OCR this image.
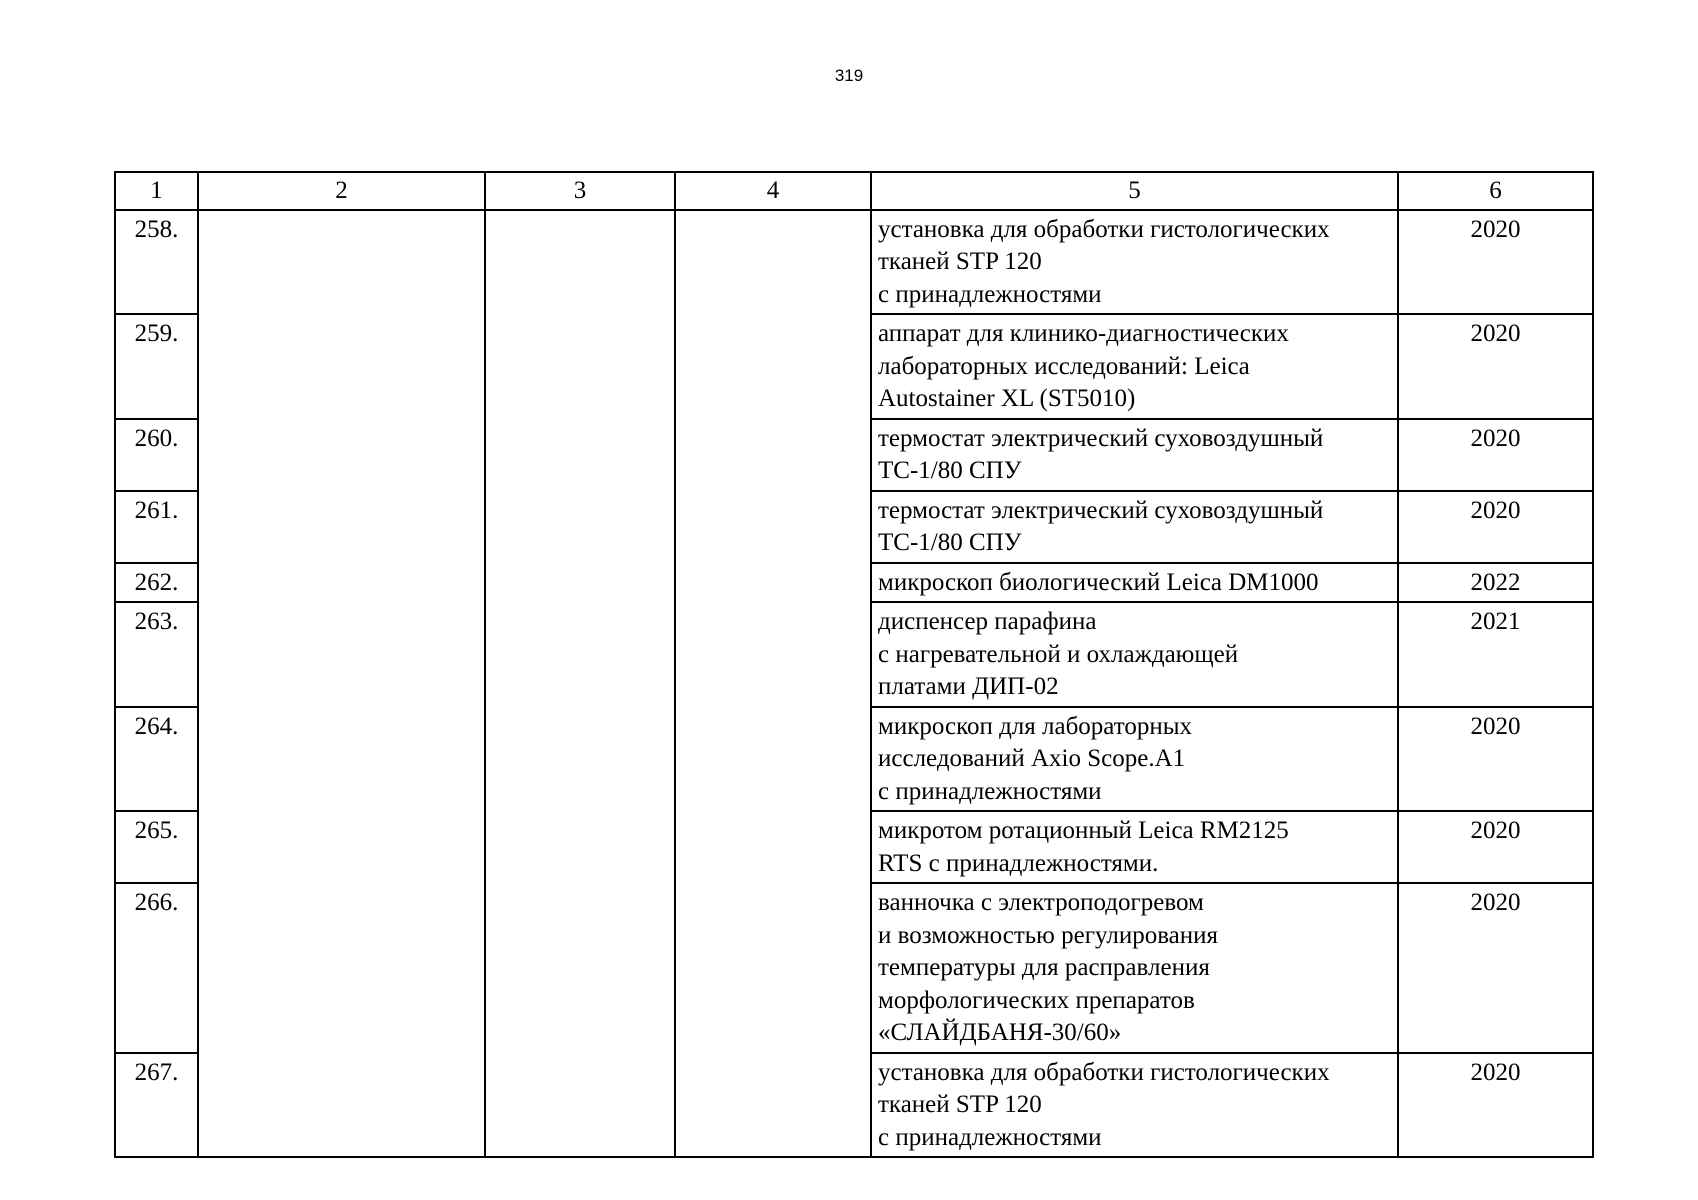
319
1	2	3	4	5	6
258.				установка для обработки гистологических
тканей STP 120
с принадлежностями	2020
259.				аппарат для клинико-диагностических
лабораторных исследований: Leica
Autostainer XL (ST5010)	2020
260.				термостат электрический суховоздушный
ТС-1/80 СПУ	2020
261.				термостат электрический суховоздушный
ТС-1/80 СПУ	2020
262.				микроскоп биологический Leica DM1000	2022
263.				диспенсер парафина
с нагревательной и охлаждающей
платами ДИП-02	2021
264.				микроскоп для лабораторных
исследований Axio Scope.A1
с принадлежностями	2020
265.				микротом ротационный Leica RM2125
RTS с принадлежностями.	2020
266.				ванночка с электроподогревом
и возможностью регулирования
температуры для расправления
морфологических препаратов
«СЛАЙДБАНЯ-30/60»	2020
267.				установка для обработки гистологических
тканей STP 120
с принадлежностями	2020
